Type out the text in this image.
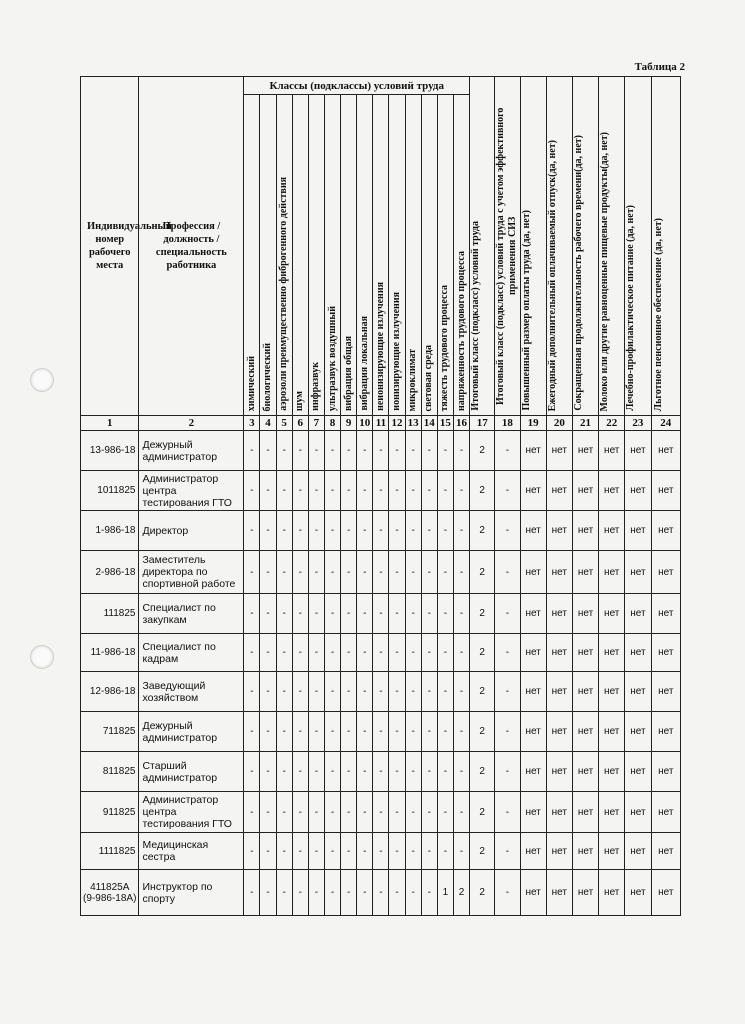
Таблица 2
Индивидуальный номер рабочего места	Профессия / должность / специальность работника	Классы (подклассы) условий труда														Итоговый класс (подкласс) условий труда	Итоговый класс (подкласс) условий труда с учетом эффективного применения СИЗ	Повышенный размер оплаты труда (да, нет)	Ежегодный дополнительный оплачиваемый отпуск(да, нет)	Сокращенная продолжительность рабочего времени(да, нет)	Молоко или другие равноценные пищевые продукты(да, нет)	Лечебно-профилактическое питание (да, нет)	Льготное пенсионное обеспечение (да, нет)

		химический	биологический	аэрозоли преимущественно фиброгенного действия	шум	инфразвук	ультразвук воздушный	вибрация общая	вибрация локальная	неионизирующие излучения	ионизирующие излучения	микроклимат	световая среда	тяжесть трудового процесса	напряженность трудового процесса								

1	2	3	4	5	6	7	8	9	10	11	12	13	14	15	16	17	18	19	20	21	22	23	24
13-986-18	Дежурный администратор	-	-	-	-	-	-	-	-	-	-	-	-	-	-	2	-	нет	нет	нет	нет	нет	нет
1011825	Администратор центра тестирования ГТО	-	-	-	-	-	-	-	-	-	-	-	-	-	-	2	-	нет	нет	нет	нет	нет	нет
1-986-18	Директор	-	-	-	-	-	-	-	-	-	-	-	-	-	-	2	-	нет	нет	нет	нет	нет	нет
2-986-18	Заместитель директора по спортивной работе	-	-	-	-	-	-	-	-	-	-	-	-	-	-	2	-	нет	нет	нет	нет	нет	нет
111825	Специалист по закупкам	-	-	-	-	-	-	-	-	-	-	-	-	-	-	2	-	нет	нет	нет	нет	нет	нет
11-986-18	Специалист по кадрам	-	-	-	-	-	-	-	-	-	-	-	-	-	-	2	-	нет	нет	нет	нет	нет	нет
12-986-18	Заведующий хозяйством	-	-	-	-	-	-	-	-	-	-	-	-	-	-	2	-	нет	нет	нет	нет	нет	нет
711825	Дежурный администратор	-	-	-	-	-	-	-	-	-	-	-	-	-	-	2	-	нет	нет	нет	нет	нет	нет
811825	Старший администратор	-	-	-	-	-	-	-	-	-	-	-	-	-	-	2	-	нет	нет	нет	нет	нет	нет
911825	Администратор центра тестирования ГТО	-	-	-	-	-	-	-	-	-	-	-	-	-	-	2	-	нет	нет	нет	нет	нет	нет
1111825	Медицинская сестра	-	-	-	-	-	-	-	-	-	-	-	-	-	-	2	-	нет	нет	нет	нет	нет	нет
411825А (9-986-18А)	Инструктор по спорту	-	-	-	-	-	-	-	-	-	-	-	-	1	2	2	-	нет	нет	нет	нет	нет	нет
